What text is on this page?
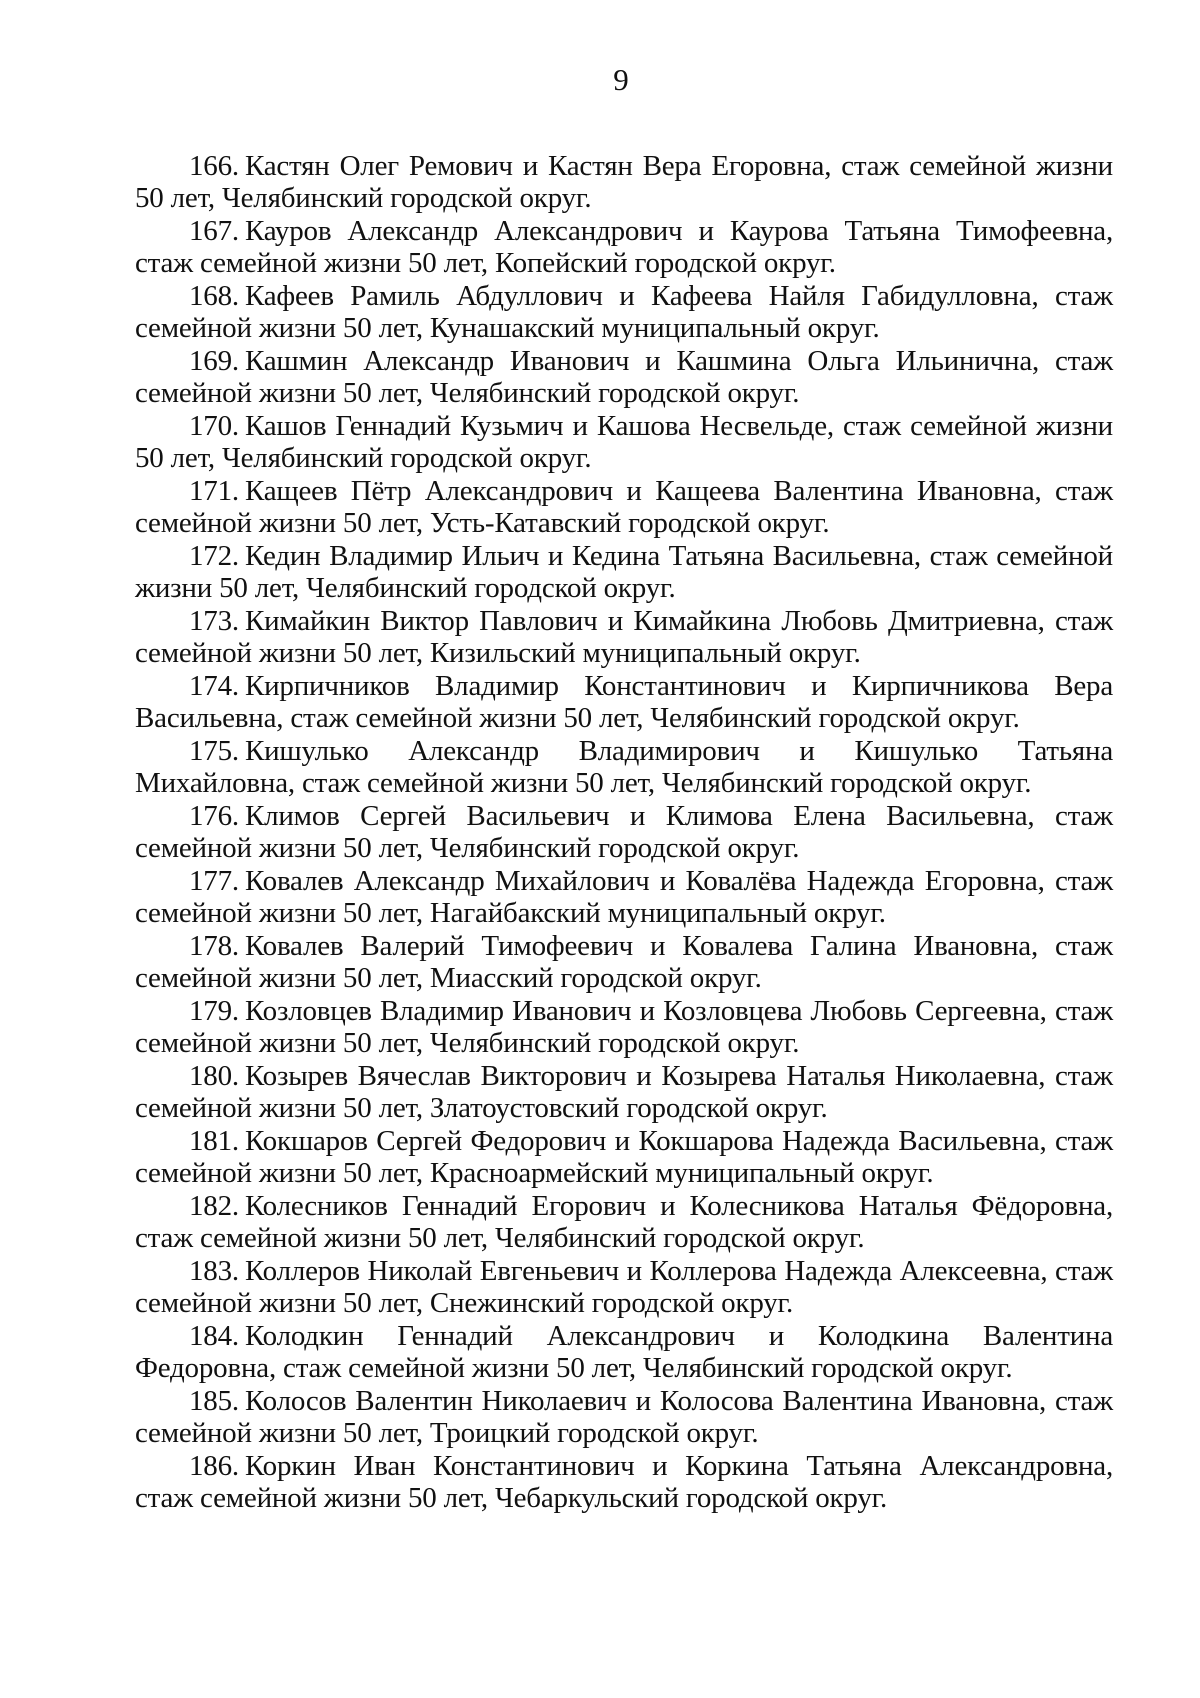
9
166. Кастян Олег Ремович и Кастян Вера Егоровна, стаж семейной жизни 50 лет, Челябинский городской округ.
167. Кауров Александр Александрович и Каурова Татьяна Тимофеевна, стаж семейной жизни 50 лет, Копейский городской округ.
168. Кафеев Рамиль Абдуллович и Кафеева Найля Габидулловна, стаж семейной жизни 50 лет, Кунашакский муниципальный округ.
169. Кашмин Александр Иванович и Кашмина Ольга Ильинична, стаж семейной жизни 50 лет, Челябинский городской округ.
170. Кашов Геннадий Кузьмич и Кашова Несвельде, стаж семейной жизни 50 лет, Челябинский городской округ.
171. Кащеев Пётр Александрович и Кащеева Валентина Ивановна, стаж семейной жизни 50 лет, Усть-Катавский городской округ.
172. Кедин Владимир Ильич и Кедина Татьяна Васильевна, стаж семейной жизни 50 лет, Челябинский городской округ.
173. Кимайкин Виктор Павлович и Кимайкина Любовь Дмитриевна, стаж семейной жизни 50 лет, Кизильский муниципальный округ.
174. Кирпичников Владимир Константинович и Кирпичникова Вера Васильевна, стаж семейной жизни 50 лет, Челябинский городской округ.
175. Кишулько Александр Владимирович и Кишулько Татьяна Михайловна, стаж семейной жизни 50 лет, Челябинский городской округ.
176. Климов Сергей Васильевич и Климова Елена Васильевна, стаж семейной жизни 50 лет, Челябинский городской округ.
177. Ковалев Александр Михайлович и Ковалёва Надежда Егоровна, стаж семейной жизни 50 лет, Нагайбакский муниципальный округ.
178. Ковалев Валерий Тимофеевич и Ковалева Галина Ивановна, стаж семейной жизни 50 лет, Миасский городской округ.
179. Козловцев Владимир Иванович и Козловцева Любовь Сергеевна, стаж семейной жизни 50 лет, Челябинский городской округ.
180. Козырев Вячеслав Викторович и Козырева Наталья Николаевна, стаж семейной жизни 50 лет, Златоустовский городской округ.
181. Кокшаров Сергей Федорович и Кокшарова Надежда Васильевна, стаж семейной жизни 50 лет, Красноармейский муниципальный округ.
182. Колесников Геннадий Егорович и Колесникова Наталья Фёдоровна, стаж семейной жизни 50 лет, Челябинский городской округ.
183. Коллеров Николай Евгеньевич и Коллерова Надежда Алексеевна, стаж семейной жизни 50 лет, Снежинский городской округ.
184. Колодкин Геннадий Александрович и Колодкина Валентина Федоровна, стаж семейной жизни 50 лет, Челябинский городской округ.
185. Колосов Валентин Николаевич и Колосова Валентина Ивановна, стаж семейной жизни 50 лет, Троицкий городской округ.
186. Коркин Иван Константинович и Коркина Татьяна Александровна, стаж семейной жизни 50 лет, Чебаркульский городской округ.
